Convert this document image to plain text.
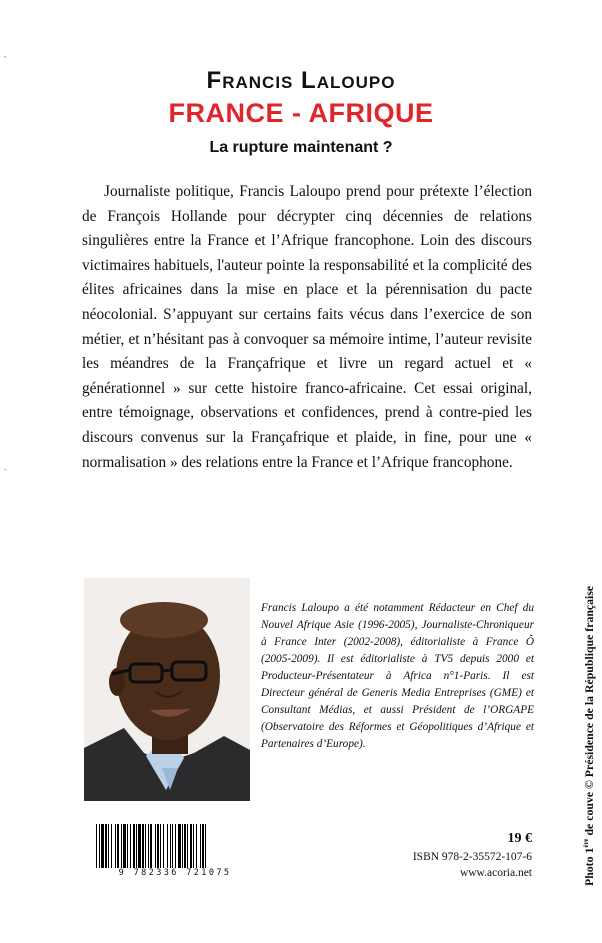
,
-
Francis Laloupo
FRANCE - AFRIQUE
La rupture maintenant ?

Journaliste politique, Francis Laloupo prend pour prétexte l’élection de François Hollande pour décrypter cinq décennies de relations singulières entre la France et l’Afrique francophone. Loin des discours victimaires habituels, l'auteur pointe la responsabilité et la complicité des élites africaines dans la mise en place et la pérennisation du pacte néocolonial. S’appuyant sur certains faits vécus dans l’exercice de son métier, et n’hésitant pas à convoquer sa mémoire intime, l’auteur revisite les méandres de la Françafrique et livre un regard actuel et « générationnel » sur cette histoire franco-africaine. Cet essai original, entre témoignage, observations et confidences, prend à contre-pied les discours convenus sur la Françafrique et plaide, in fine, pour une « normalisation » des relations entre la France et l’Afrique francophone.

Francis Laloupo a été notamment Rédacteur en Chef du Nouvel Afrique Asie (1996-2005), Journaliste-Chroniqueur à France Inter (2002-2008), éditorialiste à France Ô (2005-2009). Il est éditorialiste à TV5 depuis 2000 et Producteur-Présentateur à Africa n°1-Paris. Il est Directeur général de Generis Media Entreprises (GME) et Consultant Médias, et aussi Président de l’ORGAPE (Observatoire des Réformes et Géopolitiques d’Afrique et Partenaires d’Europe).

9 782336 721075
19 €
ISBN 978-2-35572-107-6
www.acoria.net	Photo 1ère de couve © Présidence de la République française
